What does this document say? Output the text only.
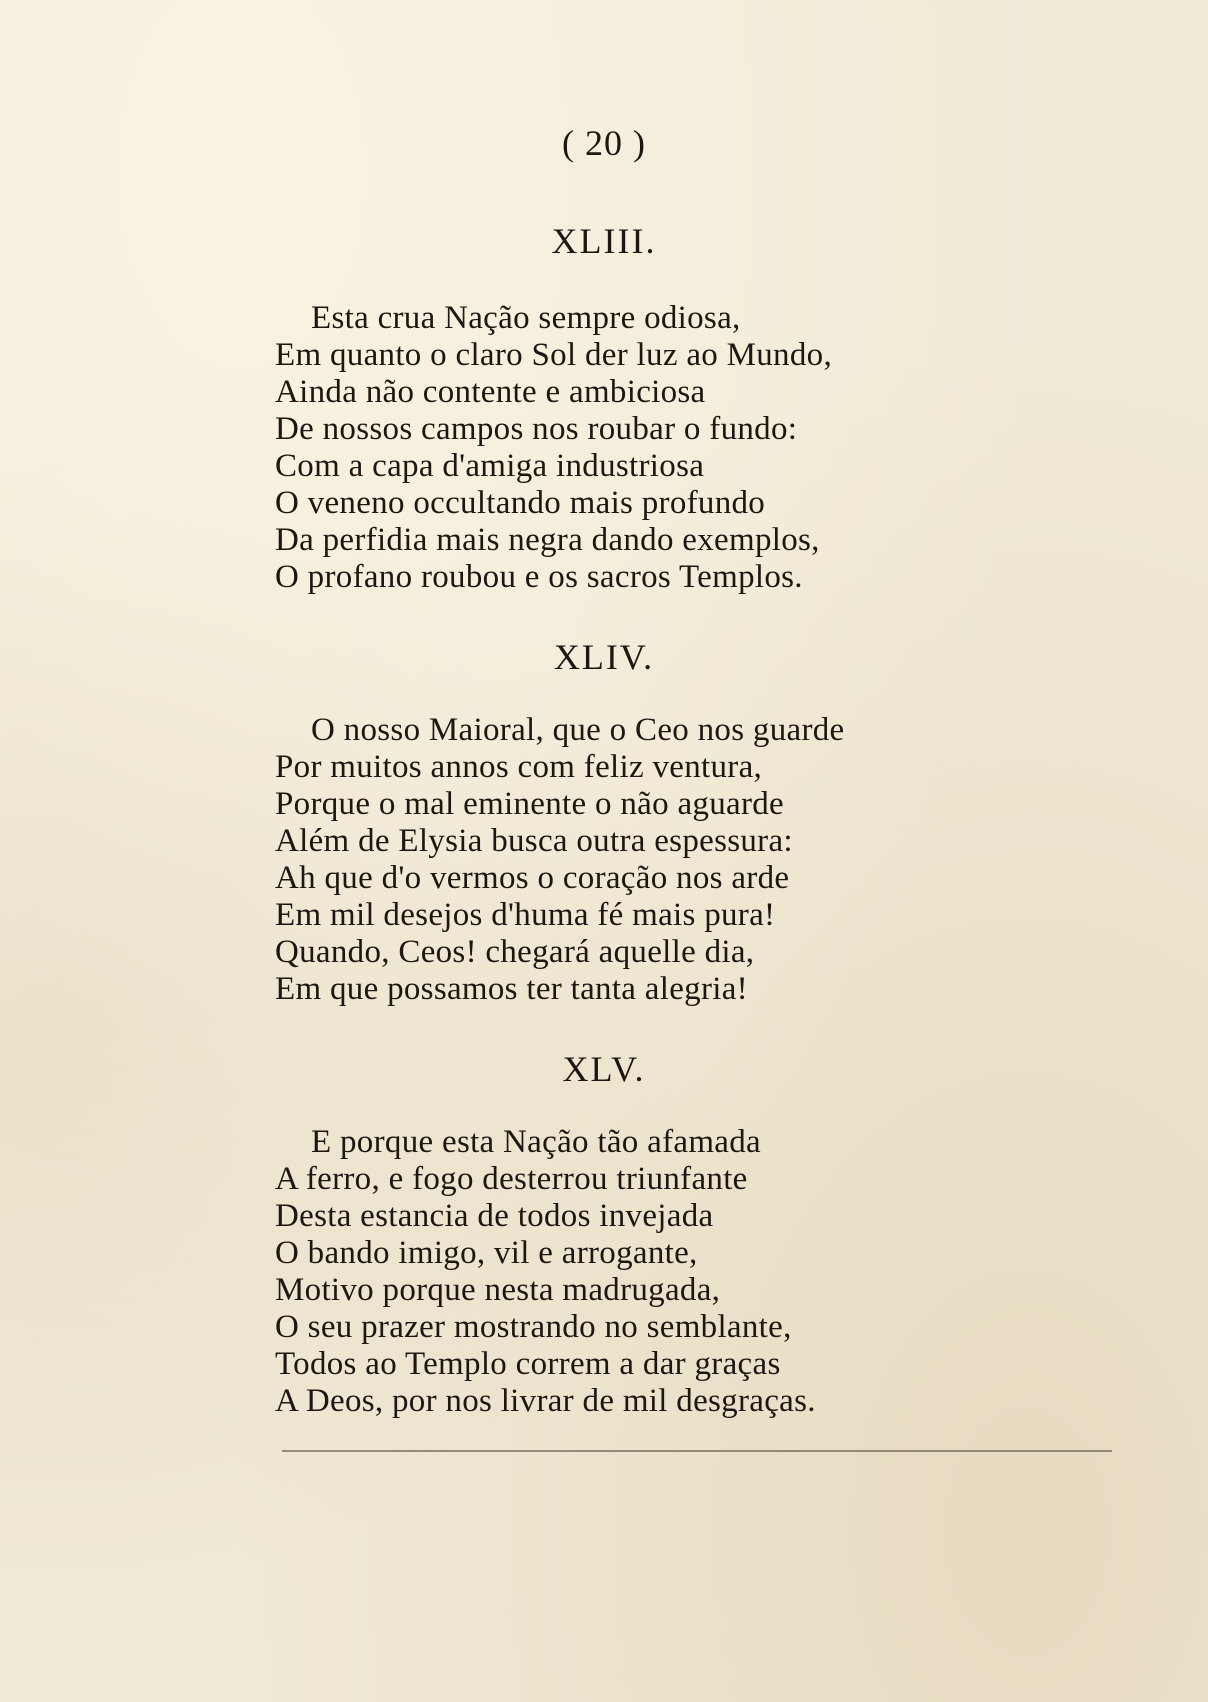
( 20 )
XLIII.
Esta crua Nação sempre odiosa,
Em quanto o claro Sol der luz ao Mundo,
Ainda não contente e ambiciosa
De nossos campos nos roubar o fundo:
Com a capa d'amiga industriosa
O veneno occultando mais profundo
Da perfidia mais negra dando exemplos,
O profano roubou e os sacros Templos.
XLIV.
O nosso Maioral, que o Ceo nos guarde
Por muitos annos com feliz ventura,
Porque o mal eminente o não aguarde
Além de Elysia busca outra espessura:
Ah que d'o vermos o coração nos arde
Em mil desejos d'huma fé mais pura!
Quando, Ceos! chegará aquelle dia,
Em que possamos ter tanta alegria!
XLV.
E porque esta Nação tão afamada
A ferro, e fogo desterrou triunfante
Desta estancia de todos invejada
O bando imigo, vil e arrogante,
Motivo porque nesta madrugada,
O seu prazer mostrando no semblante,
Todos ao Templo correm a dar graças
A Deos, por nos livrar de mil desgraças.
